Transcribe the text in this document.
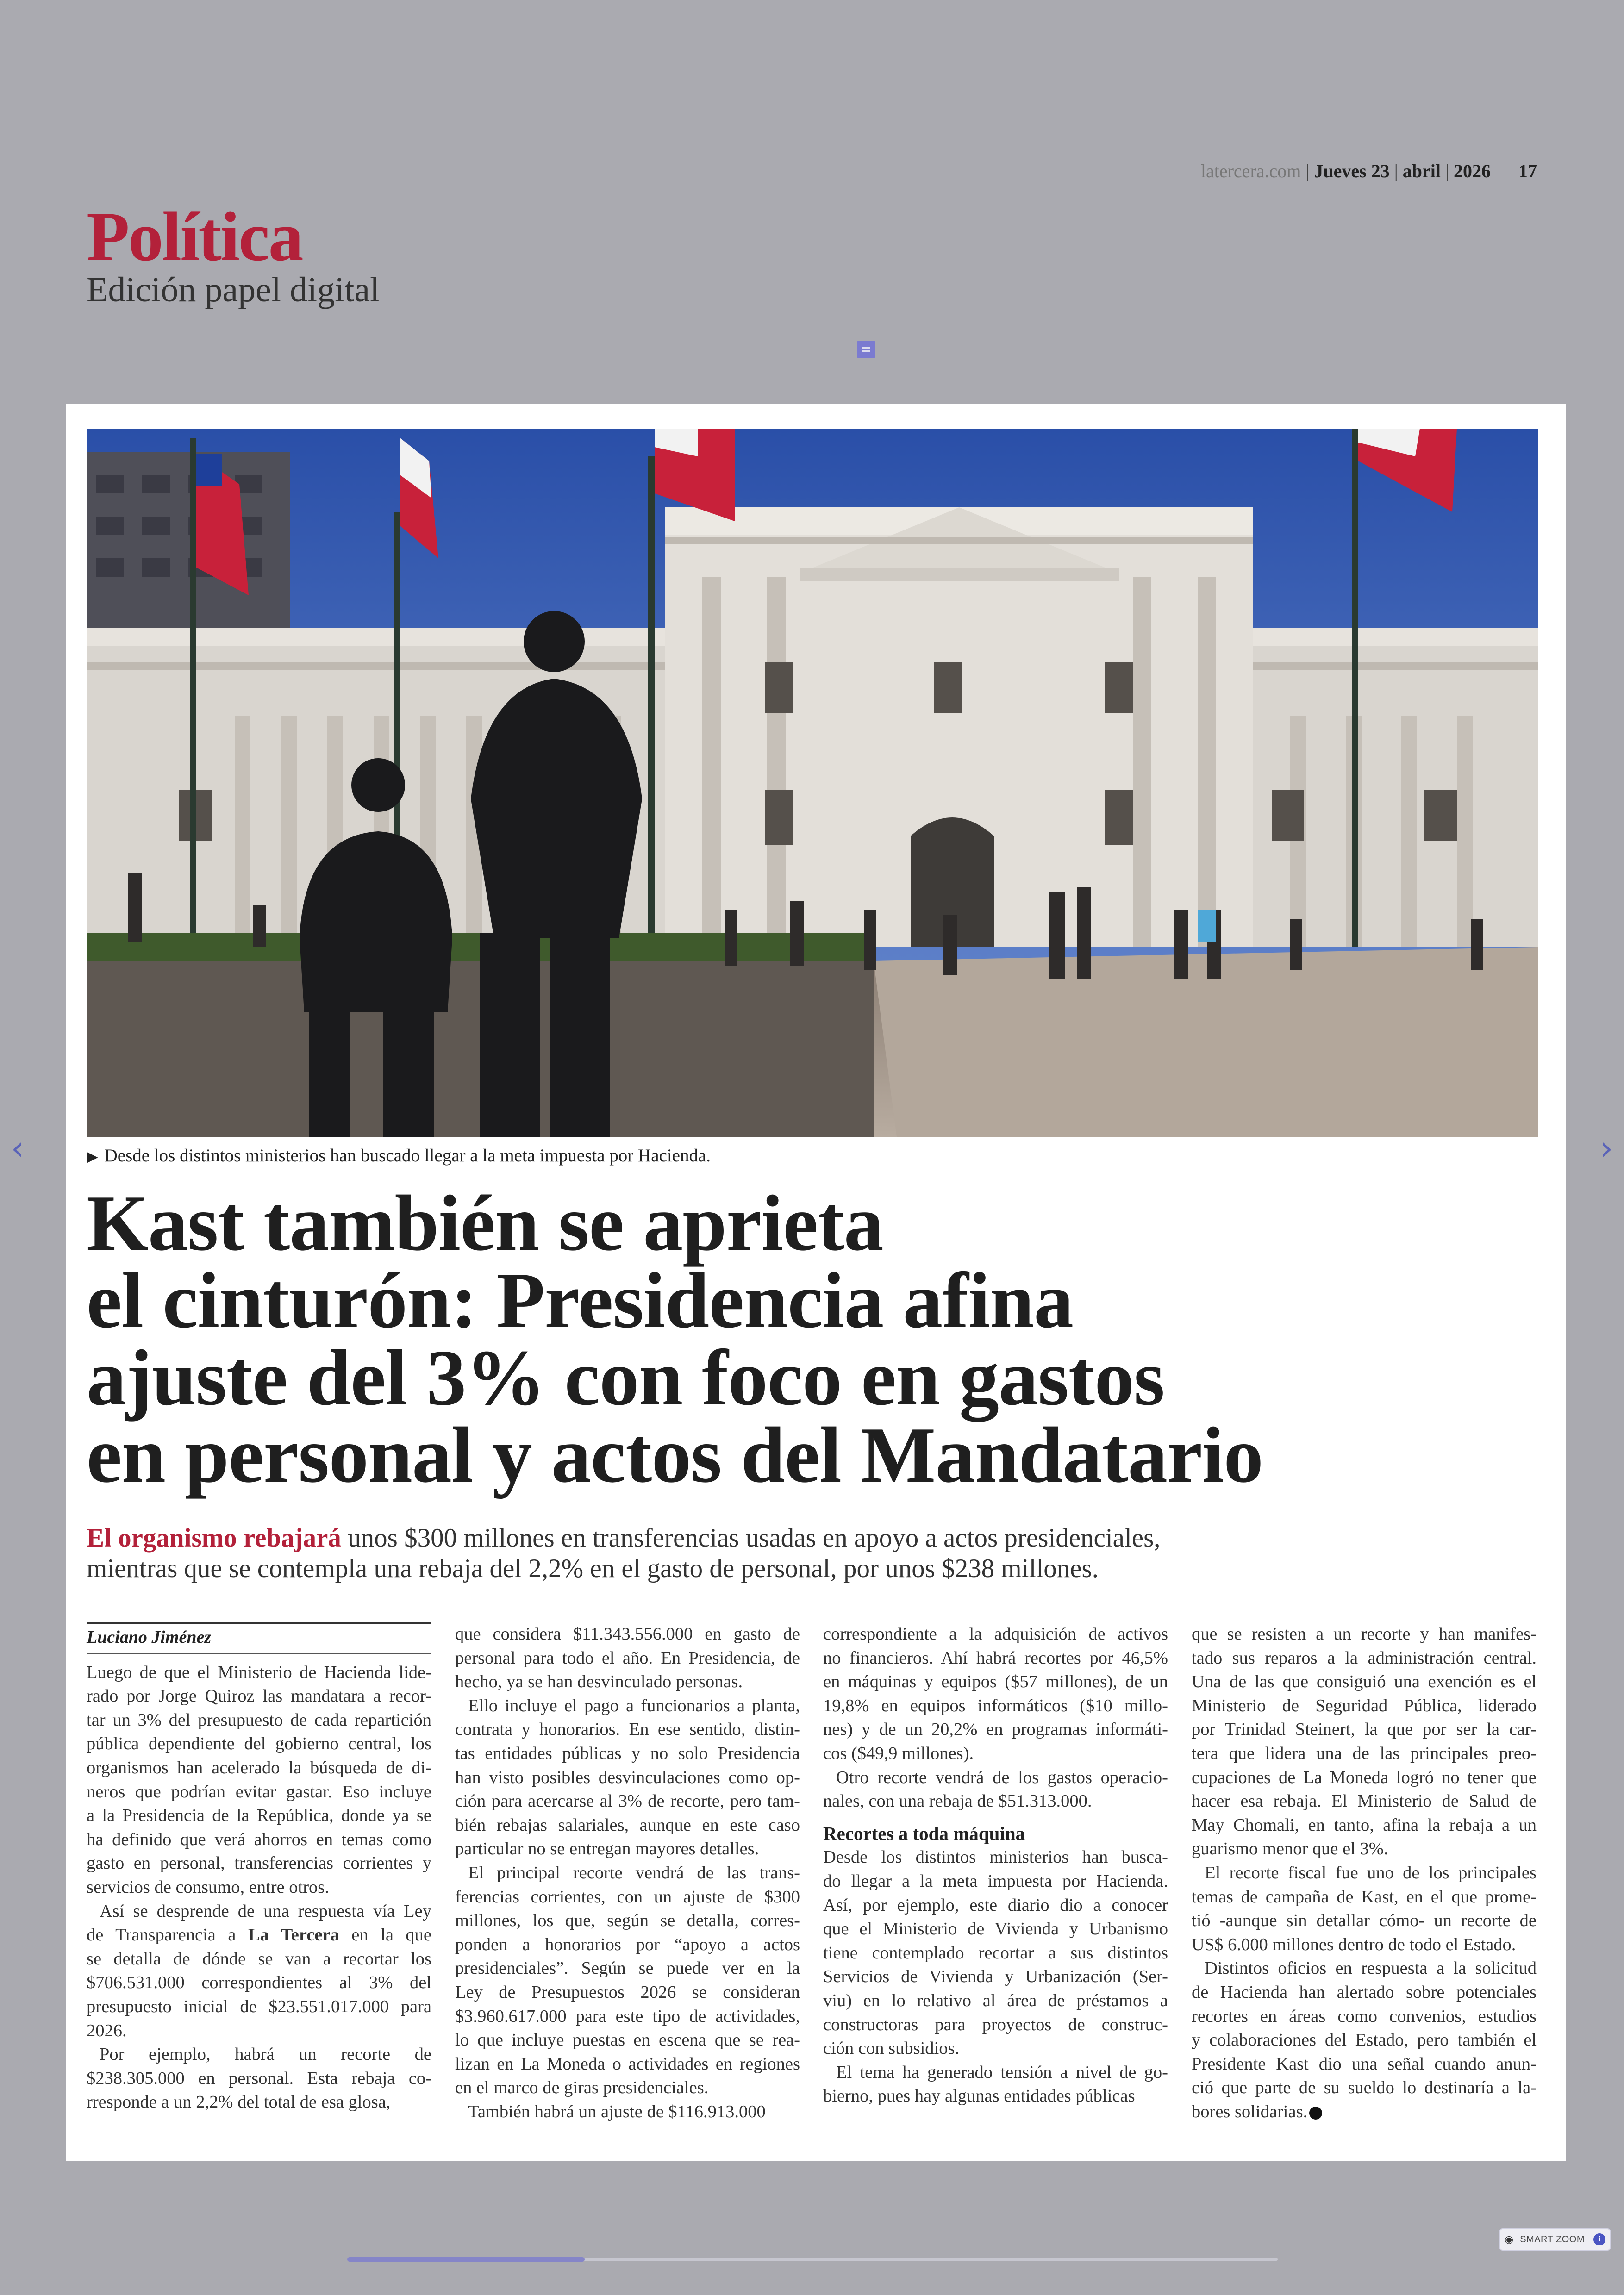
latercera.com | Jueves 23 | abril | 2026 17
Política
Edición papel digital
‹	›
▶ Desde los distintos ministerios han buscado llegar a la meta impuesta por Hacienda.
Kast también se aprieta
el cinturón: Presidencia afina
ajuste del 3% con foco en gastos
en personal y actos del Mandatario
El organismo rebajará unos $300 millones en transferencias usadas en apoyo a actos presidenciales,
mientras que se contempla una rebaja del 2,2% en el gasto de personal, por unos $238 millones.
Luciano Jiménez
Luego de que el Ministerio de Hacienda lide-
rado por Jorge Quiroz las mandatara a recor-
tar un 3% del presupuesto de cada repartición
pública dependiente del gobierno central, los
organismos han acelerado la búsqueda de di-
neros que podrían evitar gastar. Eso incluye
a la Presidencia de la República, donde ya se
ha definido que verá ahorros en temas como
gasto en personal, transferencias corrientes y
servicios de consumo, entre otros.
Así se desprende de una respuesta vía Ley
de Transparencia a La Tercera en la que
se detalla de dónde se van a recortar los
$706.531.000 correspondientes al 3% del
presupuesto inicial de $23.551.017.000 para
2026.
Por ejemplo, habrá un recorte de
$238.305.000 en personal. Esta rebaja co-
rresponde a un 2,2% del total de esa glosa,
que considera $11.343.556.000 en gasto de
personal para todo el año. En Presidencia, de
hecho, ya se han desvinculado personas.
Ello incluye el pago a funcionarios a planta,
contrata y honorarios. En ese sentido, distin-
tas entidades públicas y no solo Presidencia
han visto posibles desvinculaciones como op-
ción para acercarse al 3% de recorte, pero tam-
bién rebajas salariales, aunque en este caso
particular no se entregan mayores detalles.
El principal recorte vendrá de las trans-
ferencias corrientes, con un ajuste de $300
millones, los que, según se detalla, corres-
ponden a honorarios por “apoyo a actos
presidenciales”. Según se puede ver en la
Ley de Presupuestos 2026 se consideran
$3.960.617.000 para este tipo de actividades,
lo que incluye puestas en escena que se rea-
lizan en La Moneda o actividades en regiones
en el marco de giras presidenciales.
También habrá un ajuste de $116.913.000
correspondiente a la adquisición de activos
no financieros. Ahí habrá recortes por 46,5%
en máquinas y equipos ($57 millones), de un
19,8% en equipos informáticos ($10 millo-
nes) y de un 20,2% en programas informáti-
cos ($49,9 millones).
Otro recorte vendrá de los gastos operacio-
nales, con una rebaja de $51.313.000.
Recortes a toda máquina
Desde los distintos ministerios han busca-
do llegar a la meta impuesta por Hacienda.
Así, por ejemplo, este diario dio a conocer
que el Ministerio de Vivienda y Urbanismo
tiene contemplado recortar a sus distintos
Servicios de Vivienda y Urbanización (Ser-
viu) en lo relativo al área de préstamos a
constructoras para proyectos de construc-
ción con subsidios.
El tema ha generado tensión a nivel de go-
bierno, pues hay algunas entidades públicas
que se resisten a un recorte y han manifes-
tado sus reparos a la administración central.
Una de las que consiguió una exención es el
Ministerio de Seguridad Pública, liderado
por Trinidad Steinert, la que por ser la car-
tera que lidera una de las principales preo-
cupaciones de La Moneda logró no tener que
hacer esa rebaja. El Ministerio de Salud de
May Chomali, en tanto, afina la rebaja a un
guarismo menor que el 3%.
El recorte fiscal fue uno de los principales
temas de campaña de Kast, en el que prome-
tió -aunque sin detallar cómo- un recorte de
US$ 6.000 millones dentro de todo el Estado.
Distintos oficios en respuesta a la solicitud
de Hacienda han alertado sobre potenciales
recortes en áreas como convenios, estudios
y colaboraciones del Estado, pero también el
Presidente Kast dio una señal cuando anun-
ció que parte de su sueldo lo destinaría a la-
bores solidarias.
◉ SMART ZOOM	i
